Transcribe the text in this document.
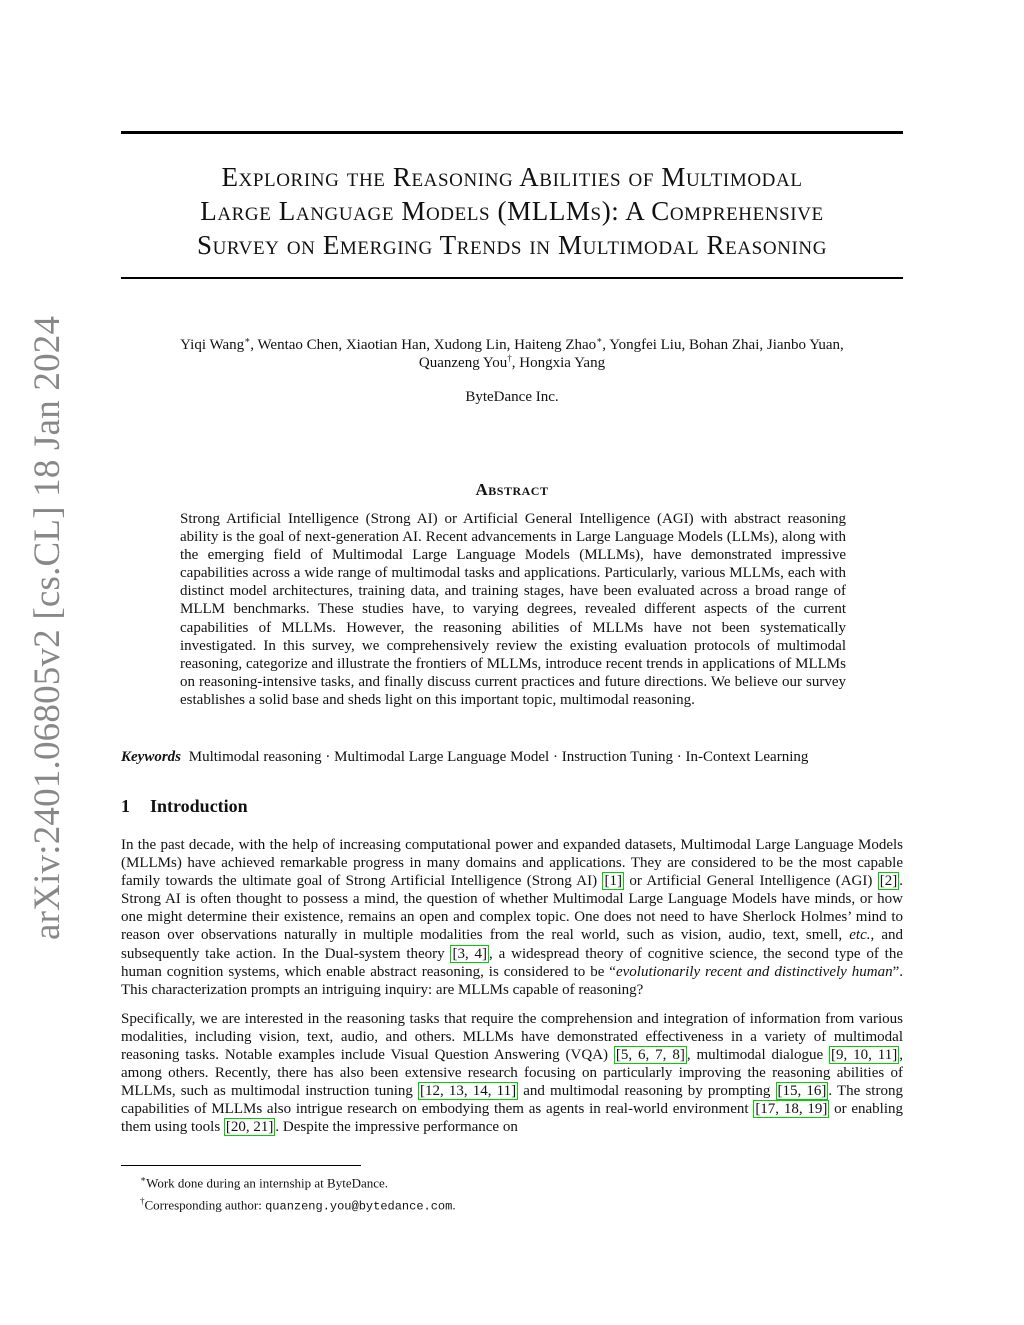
Exploring the Reasoning Abilities of Multimodal
Large Language Models (MLLMs): A Comprehensive
Survey on Emerging Trends in Multimodal Reasoning
arXiv:2401.06805v2 [cs.CL] 18 Jan 2024	Yiqi Wang∗, Wentao Chen, Xiaotian Han, Xudong Lin, Haiteng Zhao∗, Yongfei Liu, Bohan Zhai, Jianbo Yuan,
Quanzeng You†, Hongxia Yang
ByteDance Inc.
Abstract

Strong Artificial Intelligence (Strong AI) or Artificial General Intelligence (AGI) with abstract reasoning ability is the goal of next-generation AI. Recent advancements in Large Language Models (LLMs), along with the emerging field of Multimodal Large Language Models (MLLMs), have demonstrated impressive capabilities across a wide range of multimodal tasks and applications. Particularly, various MLLMs, each with distinct model architectures, training data, and training stages, have been evaluated across a broad range of MLLM benchmarks. These studies have, to varying degrees, revealed different aspects of the current capabilities of MLLMs. However, the reasoning abilities of MLLMs have not been systematically investigated. In this survey, we comprehensively review the existing evaluation protocols of multimodal reasoning, categorize and illustrate the frontiers of MLLMs, introduce recent trends in applications of MLLMs on reasoning-intensive tasks, and finally discuss current practices and future directions. We believe our survey establishes a solid base and sheds light on this important topic, multimodal reasoning.

Keywords Multimodal reasoning · Multimodal Large Language Model · Instruction Tuning · In-Context Learning
1 Introduction

In the past decade, with the help of increasing computational power and expanded datasets, Multimodal Large Language Models (MLLMs) have achieved remarkable progress in many domains and applications. They are considered to be the most capable family towards the ultimate goal of Strong Artificial Intelligence (Strong AI) [1] or Artificial General Intelligence (AGI) [2] . Strong AI is often thought to possess a mind, the question of whether Multimodal Large Language Models have minds, or how one might determine their existence, remains an open and complex topic. One does not need to have Sherlock Holmes’ mind to reason over observations naturally in multiple modalities from the real world, such as vision, audio, text, smell, etc., and subsequently take action. In the Dual-system theory [3, 4] , a widespread theory of cognitive science, the second type of the human cognition systems, which enable abstract reasoning, is considered to be “evolutionarily recent and distinctively human”. This characterization prompts an intriguing inquiry: are MLLMs capable of reasoning?

Specifically, we are interested in the reasoning tasks that require the comprehension and integration of information from various modalities, including vision, text, audio, and others. MLLMs have demonstrated effectiveness in a variety of multimodal reasoning tasks. Notable examples include Visual Question Answering (VQA) [5, 6, 7, 8] , multimodal dialogue [9, 10, 11] , among others. Recently, there has also been extensive research focusing on particularly improving the reasoning abilities of MLLMs, such as multimodal instruction tuning [12, 13, 14, 11] and multimodal reasoning by prompting [15, 16] . The strong capabilities of MLLMs also intrigue research on embodying them as agents in real-world environment [17, 18, 19] or enabling them using tools [20, 21] . Despite the impressive performance on

∗Work done during an internship at ByteDance.
†Corresponding author: quanzeng.you@bytedance.com.
